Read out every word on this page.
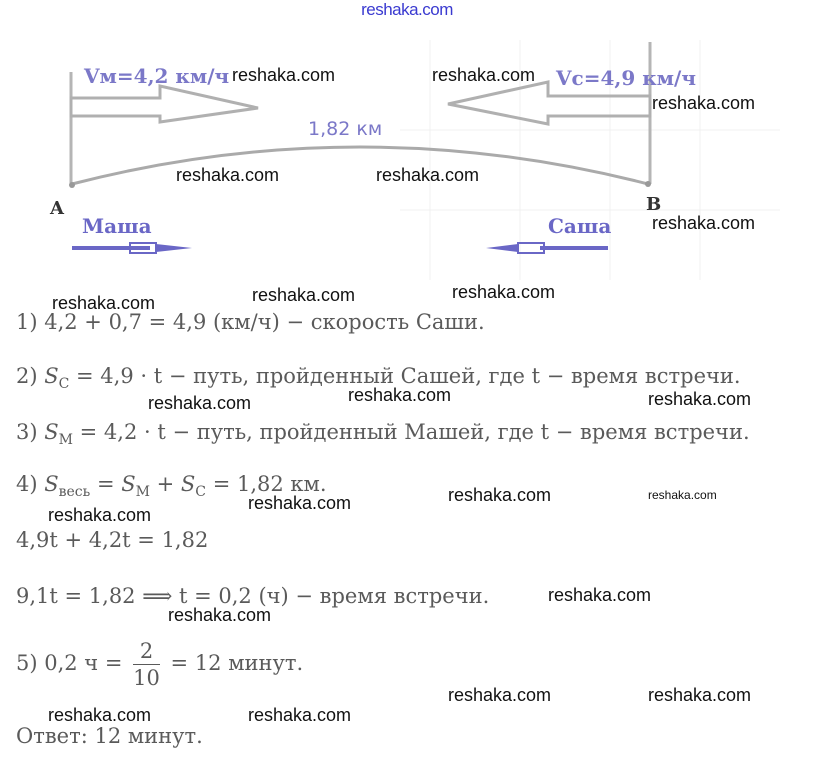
reshaka.com
Vм=4,2 км/ч	Vс=4,9 км/ч
1,82 км
A	B
Маша	Саша
1) 4,2 + 0,7 = 4,9 (км/ч) − скорость Саши.
2) $S_С = 4,9 \cdot t$ − путь, пройденный Сашей, где t − время встречи.
3) $S_М = 4,2 \cdot t$ − путь, пройденный Машей, где t − время встречи.
4) $S_{весь} = S_М + S_С = 1,82$ км.
4,9t + 4,2t = 1,82
9,1t = 1,82 ⟹ t = 0,2 (ч) − время встречи.
5) 0,2 $ч = \frac{2}{10} = 12$ минут.
Ответ: 12 минут.
reshaka.com	reshaka.com
reshaka.com
reshaka.com	reshaka.com
reshaka.com
reshaka.com	reshaka.com	reshaka.com
reshaka.com	reshaka.com	reshaka.com
reshaka.com	reshaka.com
reshaka.com
reshaka.com
reshaka.com
reshaka.com
reshaka.com	reshaka.com
reshaka.com	reshaka.com
